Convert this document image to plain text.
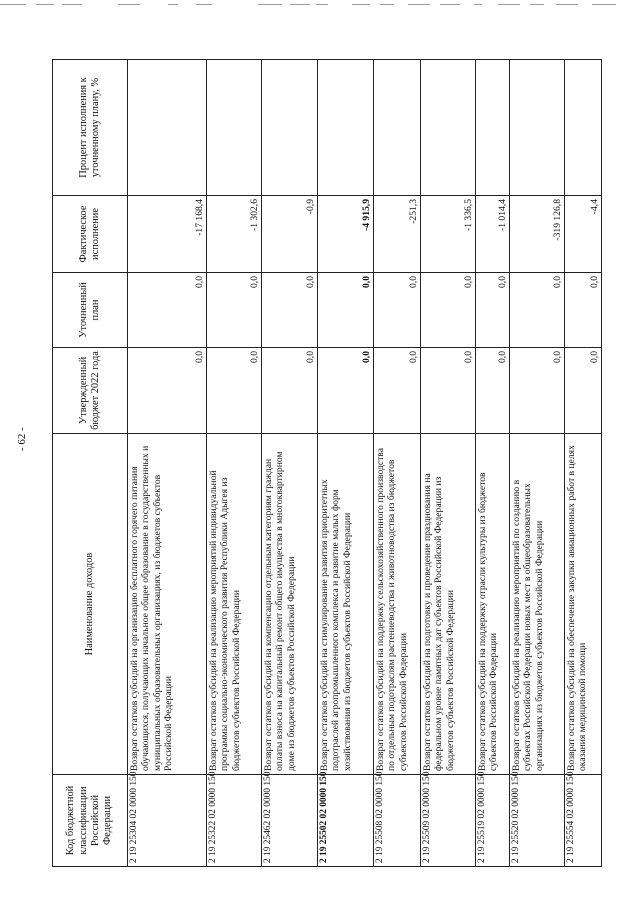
- 62 -
Код бюджетной классификации Российской Федерации	Наименование доходов	Утвержденный бюджет 2022 года	Уточненный план	Фактическое исполнение	Процент исполнения к уточненному плану, %
2 19 25304 02 0000 150	Возврат остатков субсидий на организацию бесплатного горячего питания обучающихся, получающих начальное общее образование в государственных и муниципальных образовательных организациях, из бюджетов субъектов Российской Федерации	0,0	0,0	-17 168,4	
2 19 25322 02 0000 150	Возврат остатков субсидий на реализацию мероприятий индивидуальной программы социально-экономического развития Республики Адыгея из бюджетов субъектов Российской Федерации	0,0	0,0	-1 302,6	
2 19 25462 02 0000 150	Возврат остатков субсидий на компенсацию отдельным категориям граждан оплаты взноса на капитальный ремонт общего имущества в многоквартирном доме из бюджетов субъектов Российской Федерации	0,0	0,0	-0,9	
2 19 25502 02 0000 150	Возврат остатков субсидий на стимулирование развития приоритетных подотраслей агропромышленного комплекса и развитие малых форм хозяйствования из бюджетов субъектов Российской Федерации	0,0	0,0	-4 915,9	
2 19 25508 02 0000 150	Возврат остатков субсидий на поддержку сельскохозяйственного производства по отдельным подотраслям растениеводства и животноводства из бюджетов субъектов Российской Федерации	0,0	0,0	-251,3	
2 19 25509 02 0000 150	Возврат остатков субсидий на подготовку и проведение празднования на федеральном уровне памятных дат субъектов Российской Федерации из бюджетов субъектов Российской Федерации	0,0	0,0	-1 336,5	
2 19 25519 02 0000 150	Возврат остатков субсидий на поддержку отрасли культуры из бюджетов субъектов Российской Федерации	0,0	0,0	-1 014,4	
2 19 25520 02 0000 150	Возврат остатков субсидий на реализацию мероприятий по созданию в субъектах Российской Федерации новых мест в общеобразовательных организациях из бюджетов субъектов Российской Федерации	0,0	0,0	-319 126,8	
2 19 25554 02 0000 150	Возврат остатков субсидий на обеспечение закупки авиационных работ в целях оказания медицинской помощи	0,0	0,0	-4,4	
